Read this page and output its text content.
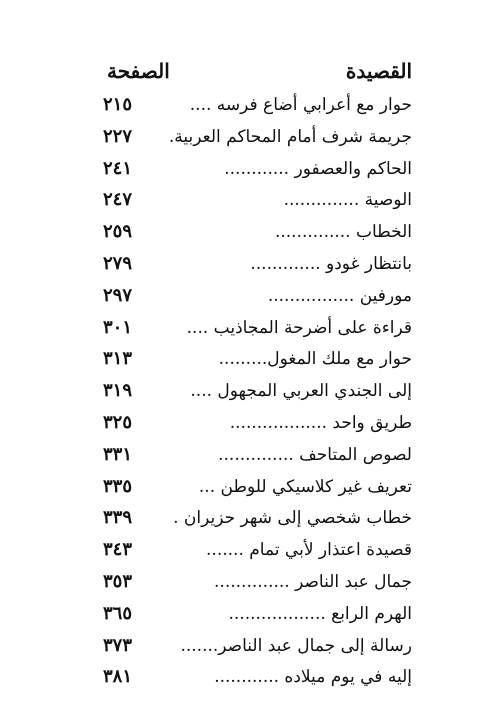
القصيدة
الصفحة
حوار مع أعرابي أضاع فرسه ....
٢١٥
جريمة شرف أمام المحاكم العربية.
٢٢٧
الحاكم والعصفور ............
٢٤١
الوصية ..............
٢٤٧
الخطاب ..............
٢٥٩
بانتظار غودو .............
٢٧٩
مورفين ................
٢٩٧
قراءة على أضرحة المجاذيب ....
٣٠١
حوار مع ملك المغول.........
٣١٣
إلى الجندي العربي المجهول ....
٣١٩
طريق واحد ..................
٣٢٥
لصوص المتاحف ..............
٣٣١
تعريف غير كلاسيكي للوطن ...
٣٣٥
خطاب شخصي إلى شهر حزيران .
٣٣٩
قصيدة اعتذار لأبي تمام .......
٣٤٣
جمال عبد الناصر ..............
٣٥٣
الهرم الرابع ..................
٣٦٥
رسالة إلى جمال عبد الناصر.......
٣٧٣
إليه في يوم ميلاده ............
٣٨١
